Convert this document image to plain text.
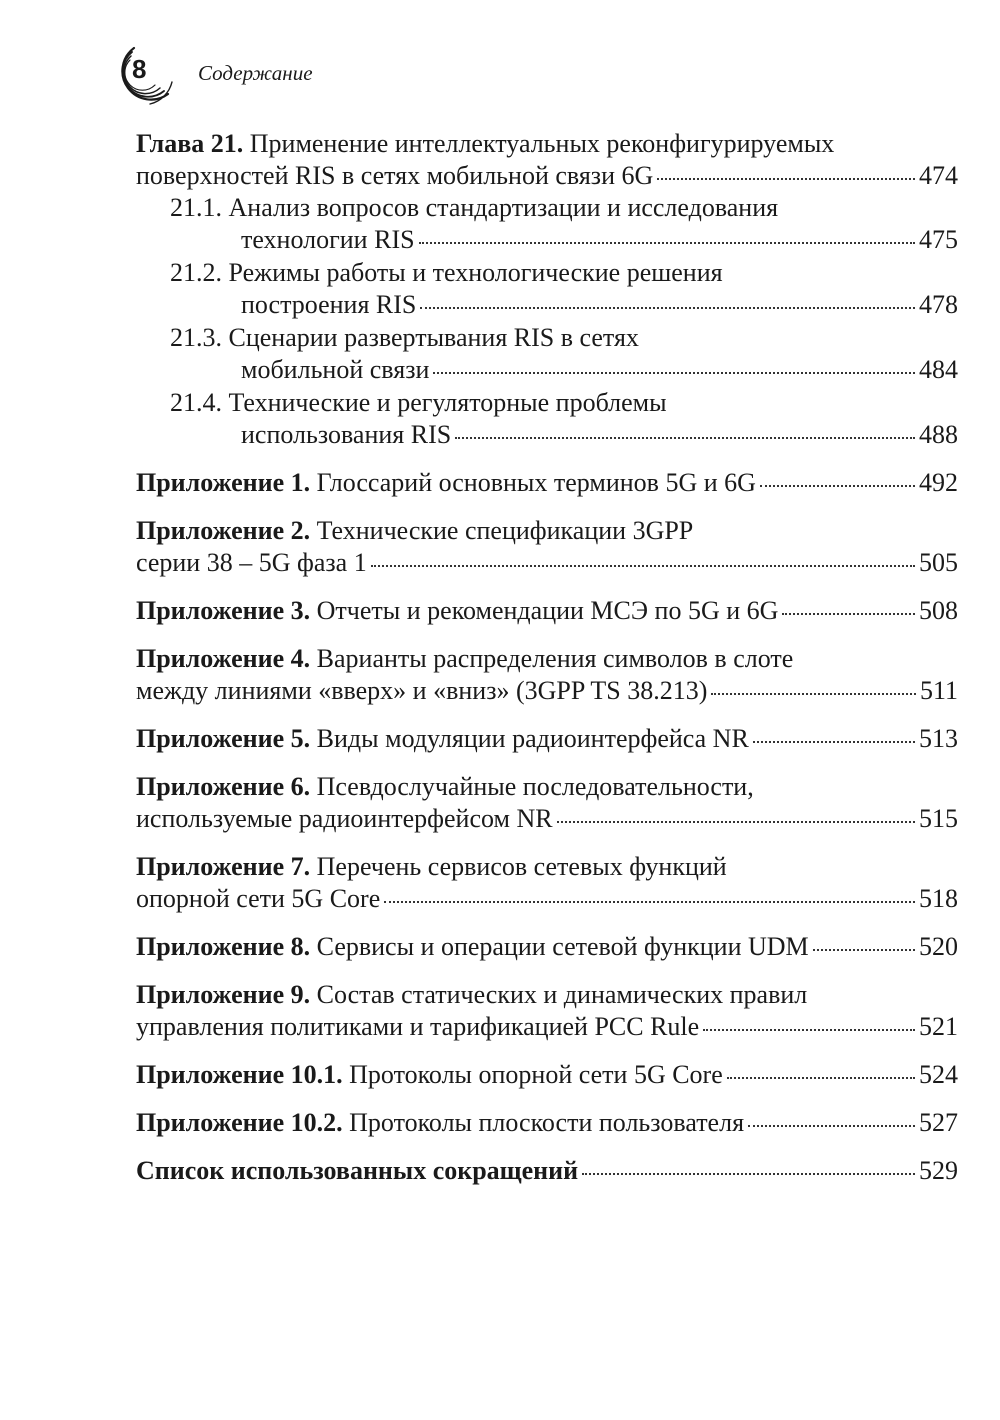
8 Содержание
Глава 21. Применение интеллектуальных реконфигурируемых
поверхностей RIS в сетях мобильной связи 6G	474
21.1. Анализ вопросов стандартизации и исследования
технологии RIS	475
21.2. Режимы работы и технологические решения
построения RIS	478
21.3. Сценарии развертывания RIS в сетях
мобильной связи	484
21.4. Технические и регуляторные проблемы
использования RIS	488
Приложение 1. Глоссарий основных терминов 5G и 6G	492
Приложение 2. Технические спецификации 3GPP
серии 38 – 5G фаза 1	505
Приложение 3. Отчеты и рекомендации МСЭ по 5G и 6G	508
Приложение 4. Варианты распределения символов в слоте
между линиями «вверх» и «вниз» (3GPP TS 38.213)	511
Приложение 5. Виды модуляции радиоинтерфейса NR	513
Приложение 6. Псевдослучайные последовательности,
используемые радиоинтерфейсом NR	515
Приложение 7. Перечень сервисов сетевых функций
опорной сети 5G Core	518
Приложение 8. Сервисы и операции сетевой функции UDM	520
Приложение 9. Состав статических и динамических правил
управления политиками и тарификацией PCC Rule	521
Приложение 10.1. Протоколы опорной сети 5G Core	524
Приложение 10.2. Протоколы плоскости пользователя	527
Список использованных сокращений	529
